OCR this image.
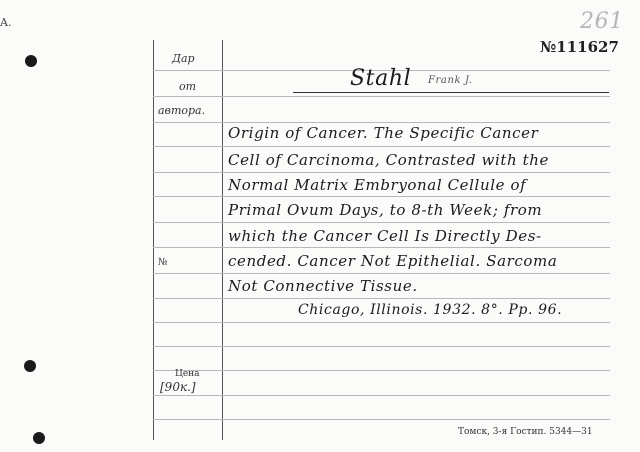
A.
Дар
от
автора.
№
Цена
[90к.]
№111627
261
Stahl Frank J.
Origin of Cancer. The Specific Cancer
Cell of Carcinoma, Contrasted with the
Normal Matrix Embryonal Cellule of
Primal Ovum Days, to 8-th Week; from
which the Cancer Cell Is Directly Des-
cended. Cancer Not Epithelial. Sarcoma
Not Connective Tissue.
Chicago, Illinois. 1932. 8°. Pp. 96.
Томск, 3-я Гостип. 5344—31
